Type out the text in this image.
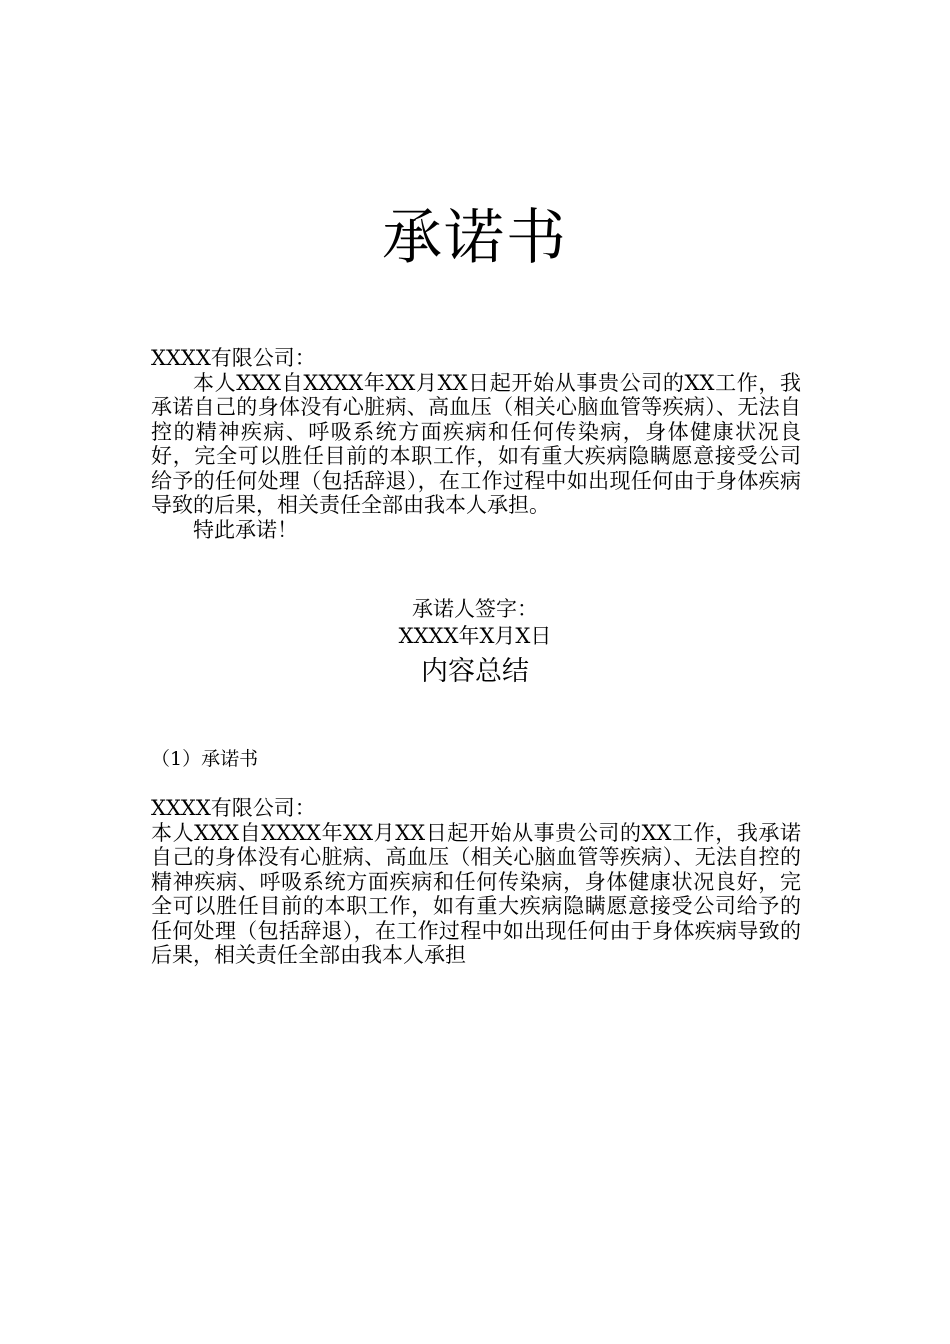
承诺书

XXXX有限公司：

本人XXX自XXXX年XX月XX日起开始从事贵公司的XX工作，我承诺自己的身体没有心脏病、高血压（相关心脑血管等疾病）、无法自控的精神疾病、呼吸系统方面疾病和任何传染病，身体健康状况良好，完全可以胜任目前的本职工作，如有重大疾病隐瞒愿意接受公司给予的任何处理（包括辞退），在工作过程中如出现任何由于身体疾病导致的后果，相关责任全部由我本人承担。

特此承诺！

承诺人签字：

XXXX年X月X日

内容总结

（1）承诺书

XXXX有限公司：

本人XXX自XXXX年XX月XX日起开始从事贵公司的XX工作，我承诺自己的身体没有心脏病、高血压（相关心脑血管等疾病）、无法自控的精神疾病、呼吸系统方面疾病和任何传染病，身体健康状况良好，完全可以胜任目前的本职工作，如有重大疾病隐瞒愿意接受公司给予的任何处理（包括辞退），在工作过程中如出现任何由于身体疾病导致的后果，相关责任全部由我本人承担
